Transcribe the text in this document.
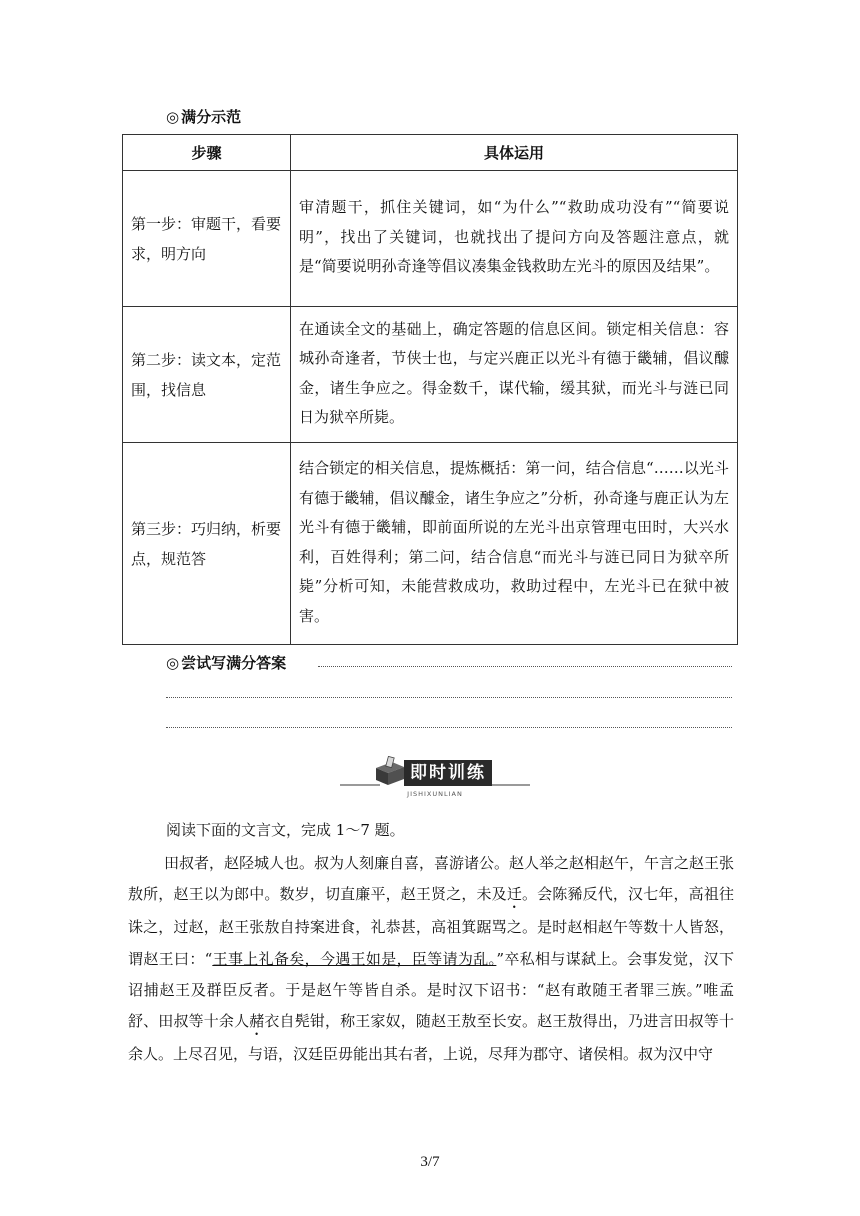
◎ 满分示范
步骤	具体运用
第一步：审题干，看要求，明方向	审清题干，抓住关键词，如“为什么”“救助成功没有”“简要说明”，找出了关键词，也就找出了提问方向及答题注意点，就是“简要说明孙奇逢等倡议凑集金钱救助左光斗的原因及结果”。
第二步：读文本，定范围，找信息	在通读全文的基础上，确定答题的信息区间。锁定相关信息：容城孙奇逢者，节侠士也，与定兴鹿正以光斗有德于畿辅，倡议醵金，诸生争应之。得金数千，谋代输，缓其狱，而光斗与涟已同日为狱卒所毙。
第三步：巧归纳，析要点，规范答	结合锁定的相关信息，提炼概括：第一问，结合信息“……以光斗有德于畿辅，倡议醵金，诸生争应之”分析，孙奇逢与鹿正认为左光斗有德于畿辅，即前面所说的左光斗出京管理屯田时，大兴水利，百姓得利；第二问，结合信息“而光斗与涟已同日为狱卒所毙”分析可知，未能营救成功，救助过程中，左光斗已在狱中被害。
◎ 尝试写满分答案
即时训练
JISHIXUNLIAN
阅读下面的文言文，完成 1～7 题。
田叔者，赵陉城人也。叔为人刻廉自喜，喜游诸公。赵人举之赵相赵午，午言之赵王张敖所，赵王以为郎中。数岁，切直廉平，赵王贤之，未及迁。会陈豨反代，汉七年，高祖往诛之，过赵，赵王张敖自持案进食，礼恭甚，高祖箕踞骂之。是时赵相赵午等数十人皆怒，谓赵王曰：“王事上礼备矣，今遇王如是，臣等请为乱。”卒私相与谋弑上。会事发觉，汉下诏捕赵王及群臣反者。于是赵午等皆自杀。是时汉下诏书：“赵有敢随王者罪三族。”唯孟舒、田叔等十余人赭衣自髡钳，称王家奴，随赵王敖至长安。赵王敖得出，乃进言田叔等十余人。上尽召见，与语，汉廷臣毋能出其右者，上说，尽拜为郡守、诸侯相。叔为汉中守
3/7
